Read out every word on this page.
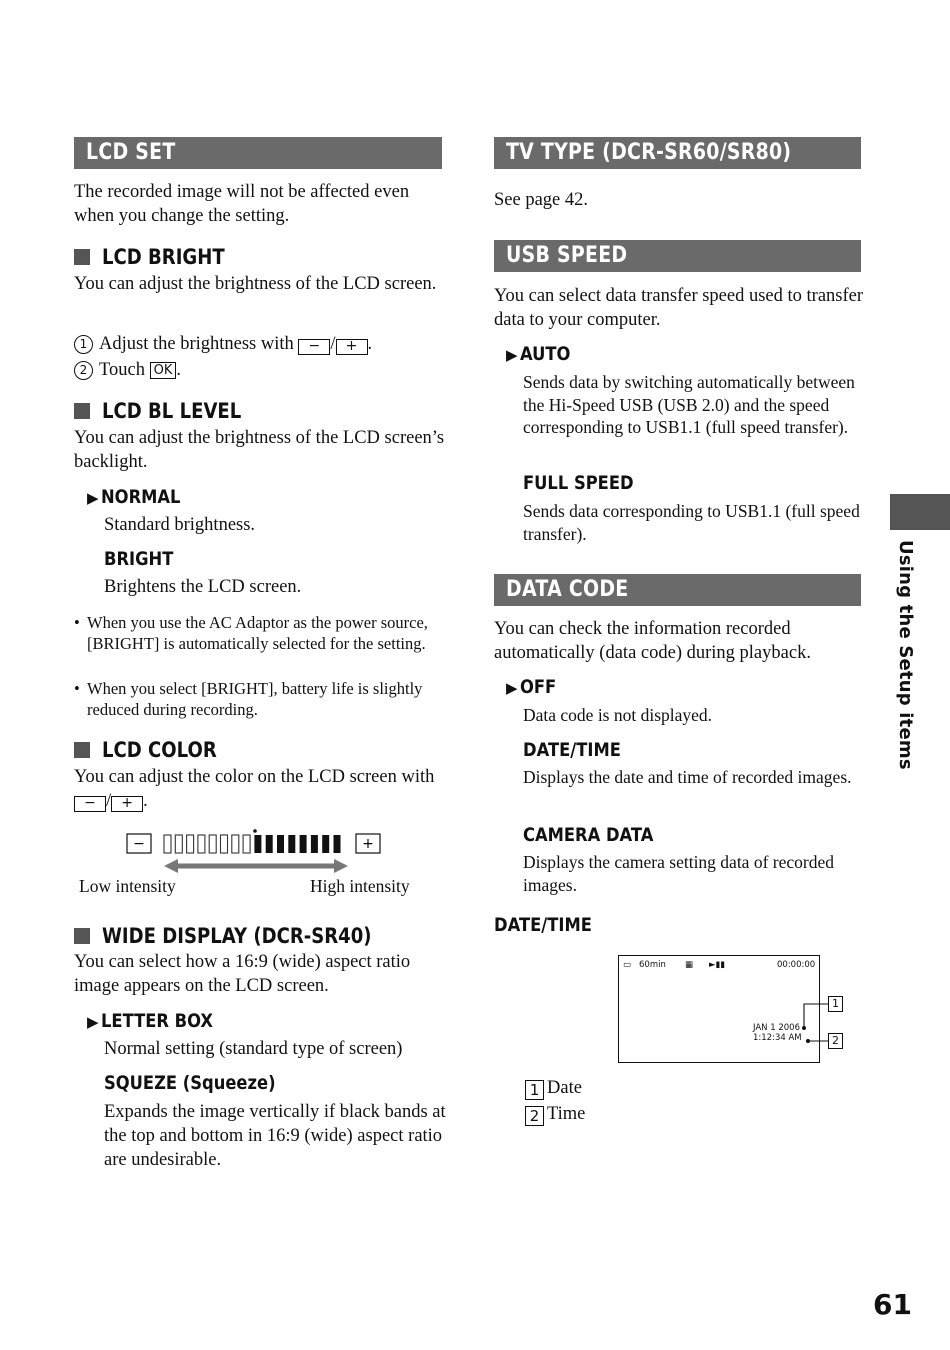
LCD SET
The recorded image will not be affected even when you change the setting.
LCD BRIGHT
You can adjust the brightness of the LCD screen.
1 Adjust the brightness with − / + .
2 Touch OK .
LCD BL LEVEL
You can adjust the brightness of the LCD screen’s backlight.
▶ NORMAL
Standard brightness.
BRIGHT
Brightens the LCD screen.
• When you use the AC Adaptor as the power source, [BRIGHT] is automatically selected for the setting.
• When you select [BRIGHT], battery life is slightly reduced during recording.
LCD COLOR
You can adjust the color on the LCD screen with − / + .
−	+
Low intensity	High intensity
WIDE DISPLAY (DCR-SR40)
You can select how a 16:9 (wide) aspect ratio image appears on the LCD screen.
▶ LETTER BOX
Normal setting (standard type of screen)
SQUEZE (Squeeze)
Expands the image vertically if black bands at the top and bottom in 16:9 (wide) aspect ratio are undesirable.
TV TYPE (DCR-SR60/SR80)
See page 42.
USB SPEED
You can select data transfer speed used to transfer data to your computer.
▶ AUTO
Sends data by switching automatically between the Hi-Speed USB (USB 2.0) and the speed corresponding to USB1.1 (full speed transfer).
FULL SPEED
Sends data corresponding to USB1.1 (full speed transfer).
DATA CODE
You can check the information recorded automatically (data code) during playback.
▶ OFF
Data code is not displayed.
DATE/TIME
Displays the date and time of recorded images.
CAMERA DATA
Displays the camera setting data of recorded images.
DATE/TIME
▭ 60min ▦ ►▮▮	00:00:00
JAN 1 2006
1:12:34 AM
1
2
1 Date
2 Time
Using the Setup items
61
